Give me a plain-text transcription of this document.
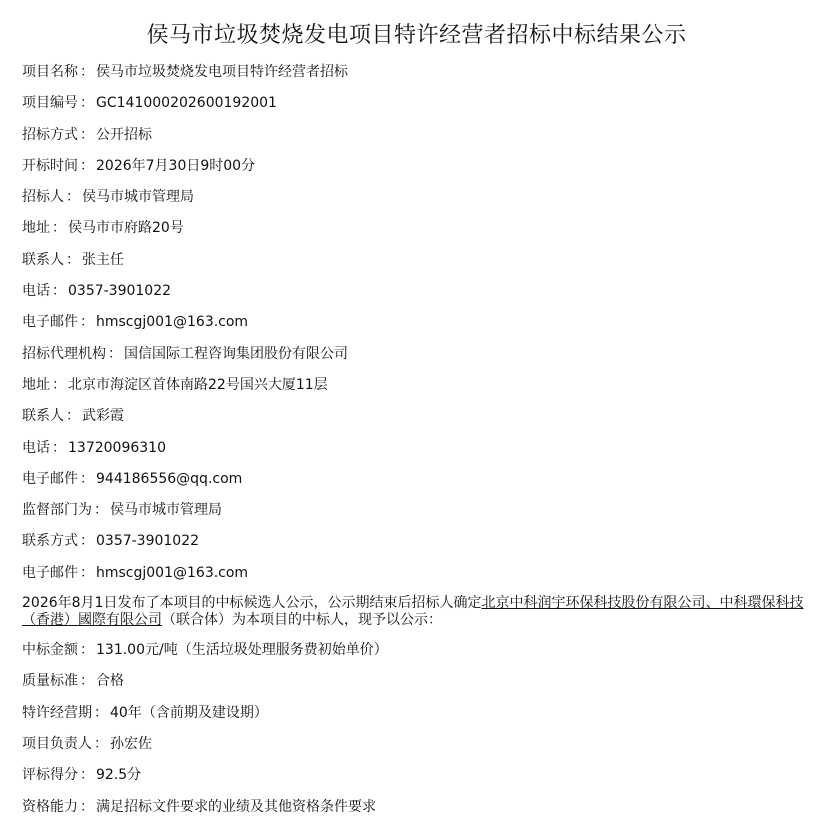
侯马市垃圾焚烧发电项目特许经营者招标中标结果公示
项目名称 ： 侯马市垃圾焚烧发电项目特许经营者招标
项目编号 ： GC141000202600192001
招标方式 ： 公开招标
开标时间 ： 2026年7月30日9时00分
招标人 ： 侯马市城市管理局
地址 ： 侯马市市府路20号
联系人 ： 张主任
电话 ： 0357-3901022
电子邮件 ： hmscgj001@163.com
招标代理机构 ： 国信国际工程咨询集团股份有限公司
地址 ： 北京市海淀区首体南路22号国兴大厦11层
联系人 ： 武彩霞
电话 ： 13720096310
电子邮件 ： 944186556@qq.com
监督部门为 ： 侯马市城市管理局
联系方式 ： 0357-3901022
电子邮件 ： hmscgj001@163.com

2026年8月1日发布了本项目的中标候选人公示，公示期结束后招标人确定北京中科润宇环保科技股份有限公司、中科環保科技（香港）國際有限公司（联合体）为本项目的中标人，现予以公示：

中标金额 ： 131.00元/吨（生活垃圾处理服务费初始单价）
质量标准 ： 合格
特许经营期 ： 40年（含前期及建设期）
项目负责人 ： 孙宏佐
评标得分 ： 92.5分
资格能力 ： 满足招标文件要求的业绩及其他资格条件要求
